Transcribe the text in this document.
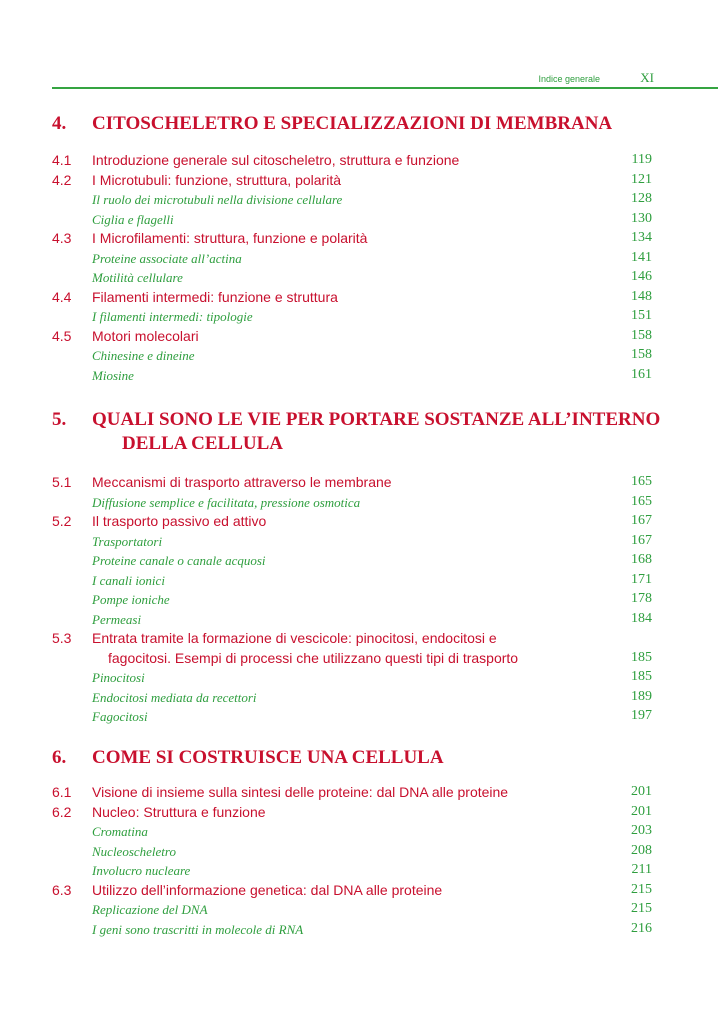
Indice generale	XI
4. CITOSCHELETRO E SPECIALIZZAZIONI DI MEMBRANA
4.1 Introduzione generale sul citoscheletro, struttura e funzione	119
4.2 I Microtubuli: funzione, struttura, polarità	121
Il ruolo dei microtubuli nella divisione cellulare	128
Ciglia e flagelli	130
4.3 I Microfilamenti: struttura, funzione e polarità	134
Proteine associate all’actina	141
Motilità cellulare	146
4.4 Filamenti intermedi: funzione e struttura	148
I filamenti intermedi: tipologie	151
4.5 Motori molecolari	158
Chinesine e dineine	158
Miosine	161
5. QUALI SONO LE VIE PER PORTARE SOSTANZE ALL’INTERNO
DELLA CELLULA
5.1 Meccanismi di trasporto attraverso le membrane	165
Diffusione semplice e facilitata, pressione osmotica	165
5.2 Il trasporto passivo ed attivo	167
Trasportatori	167
Proteine canale o canale acquosi	168
I canali ionici	171
Pompe ioniche	178
Permeasi	184
5.3 Entrata tramite la formazione di vescicole: pinocitosi, endocitosi e
fagocitosi. Esempi di processi che utilizzano questi tipi di trasporto	185
Pinocitosi	185
Endocitosi mediata da recettori	189
Fagocitosi	197
6. COME SI COSTRUISCE UNA CELLULA
6.1 Visione di insieme sulla sintesi delle proteine: dal DNA alle proteine	201
6.2 Nucleo: Struttura e funzione	201
Cromatina	203
Nucleoscheletro	208
Involucro nucleare	211
6.3 Utilizzo dell’informazione genetica: dal DNA alle proteine	215
Replicazione del DNA	215
I geni sono trascritti in molecole di RNA	216
